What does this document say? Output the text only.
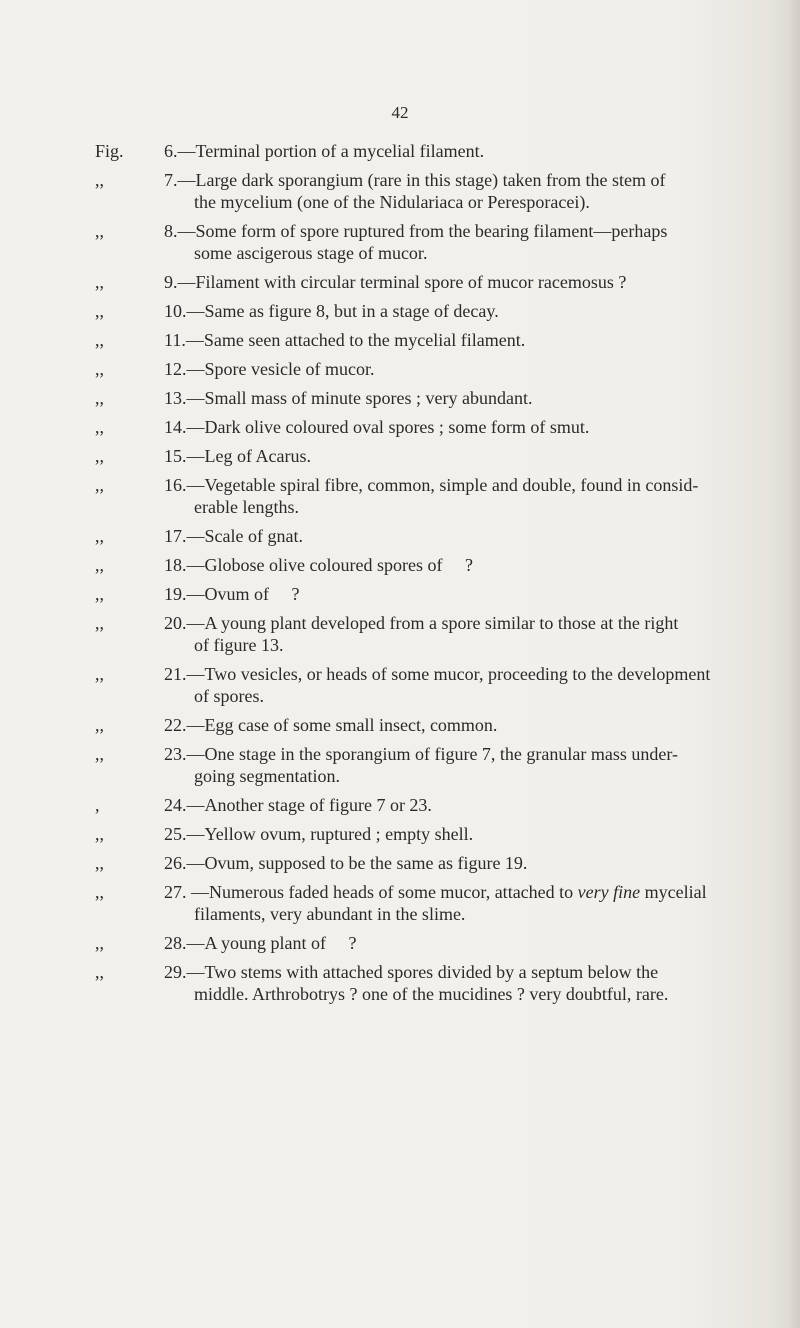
42
Fig.	6.—Terminal portion of a mycelial filament.
,,	7.—Large dark sporangium (rare in this stage) taken from the stem of
the mycelium (one of the Nidulariaca or Peresporacei).
,,	8.—Some form of spore ruptured from the bearing filament—perhaps
some ascigerous stage of mucor.
,,	9.—Filament with circular terminal spore of mucor racemosus ?
,,	10.—Same as figure 8, but in a stage of decay.
,,	11.—Same seen attached to the mycelial filament.
,,	12.—Spore vesicle of mucor.
,,	13.—Small mass of minute spores ; very abundant.
,,	14.—Dark olive coloured oval spores ; some form of smut.
,,	15.—Leg of Acarus.
,,	16.—Vegetable spiral fibre, common, simple and double, found in consid-
erable lengths.
,,	17.—Scale of gnat.
,,	18.—Globose olive coloured spores of     ?
,,	19.—Ovum of     ?
,,	20.—A young plant developed from a spore similar to those at the right
of figure 13.
,,	21.—Two vesicles, or heads of some mucor, proceeding to the development
of spores.
,,	22.—Egg case of some small insect, common.
,,	23.—One stage in the sporangium of figure 7, the granular mass under-
going segmentation.
,	24.—Another stage of figure 7 or 23.
,,	25.—Yellow ovum, ruptured ; empty shell.
,,	26.—Ovum, supposed to be the same as figure 19.
,,	27. —Numerous faded heads of some mucor, attached to very fine mycelial
filaments, very abundant in the slime.
,,	28.—A young plant of     ?
,,	29.—Two stems with attached spores divided by a septum below the
middle. Arthrobotrys ? one of the mucidines ? very doubtful, rare.
